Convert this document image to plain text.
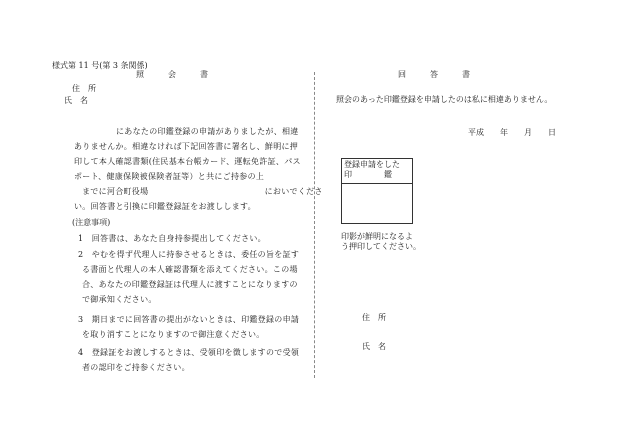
様式第 11 号(第 3 条関係)
照　　　会　　　書
住　所
氏　名
にあなたの印鑑登録の申請がありましたが、相違
ありませんか。相違なければ下記回答書に署名し、鮮明に押
印して本人確認書類(住民基本台帳カード、運転免許証、パス
ポート、健康保険被保険者証等）と共にご持参の上
までに河合町役場　　　　　　　　　　　　　　においでくださ
い。回答書と引換に印鑑登録証をお渡しします。
(注意事項)
1　回答書は、あなた自身持参提出してください。
2　やむを得ず代理人に持参させるときは、委任の旨を証す
る書面と代理人の本人確認書類を添えてください。この場
合、あなたの印鑑登録証は代理人に渡すことになりますの
で御承知ください。
3　期日までに回答書の提出がないときは、印鑑登録の申請
を取り消すことになりますので御注意ください。
4　登録証をお渡しするときは、受領印を徴しますので受領
者の認印をご持参ください。
回　　　答　　　書
照会のあった印鑑登録を申請したのは私に相違ありません。
平成　　年　　月　　日
登録申請をした
印　　　　鑑
印影が鮮明になるよ
う押印してください。
住　所
氏　名
